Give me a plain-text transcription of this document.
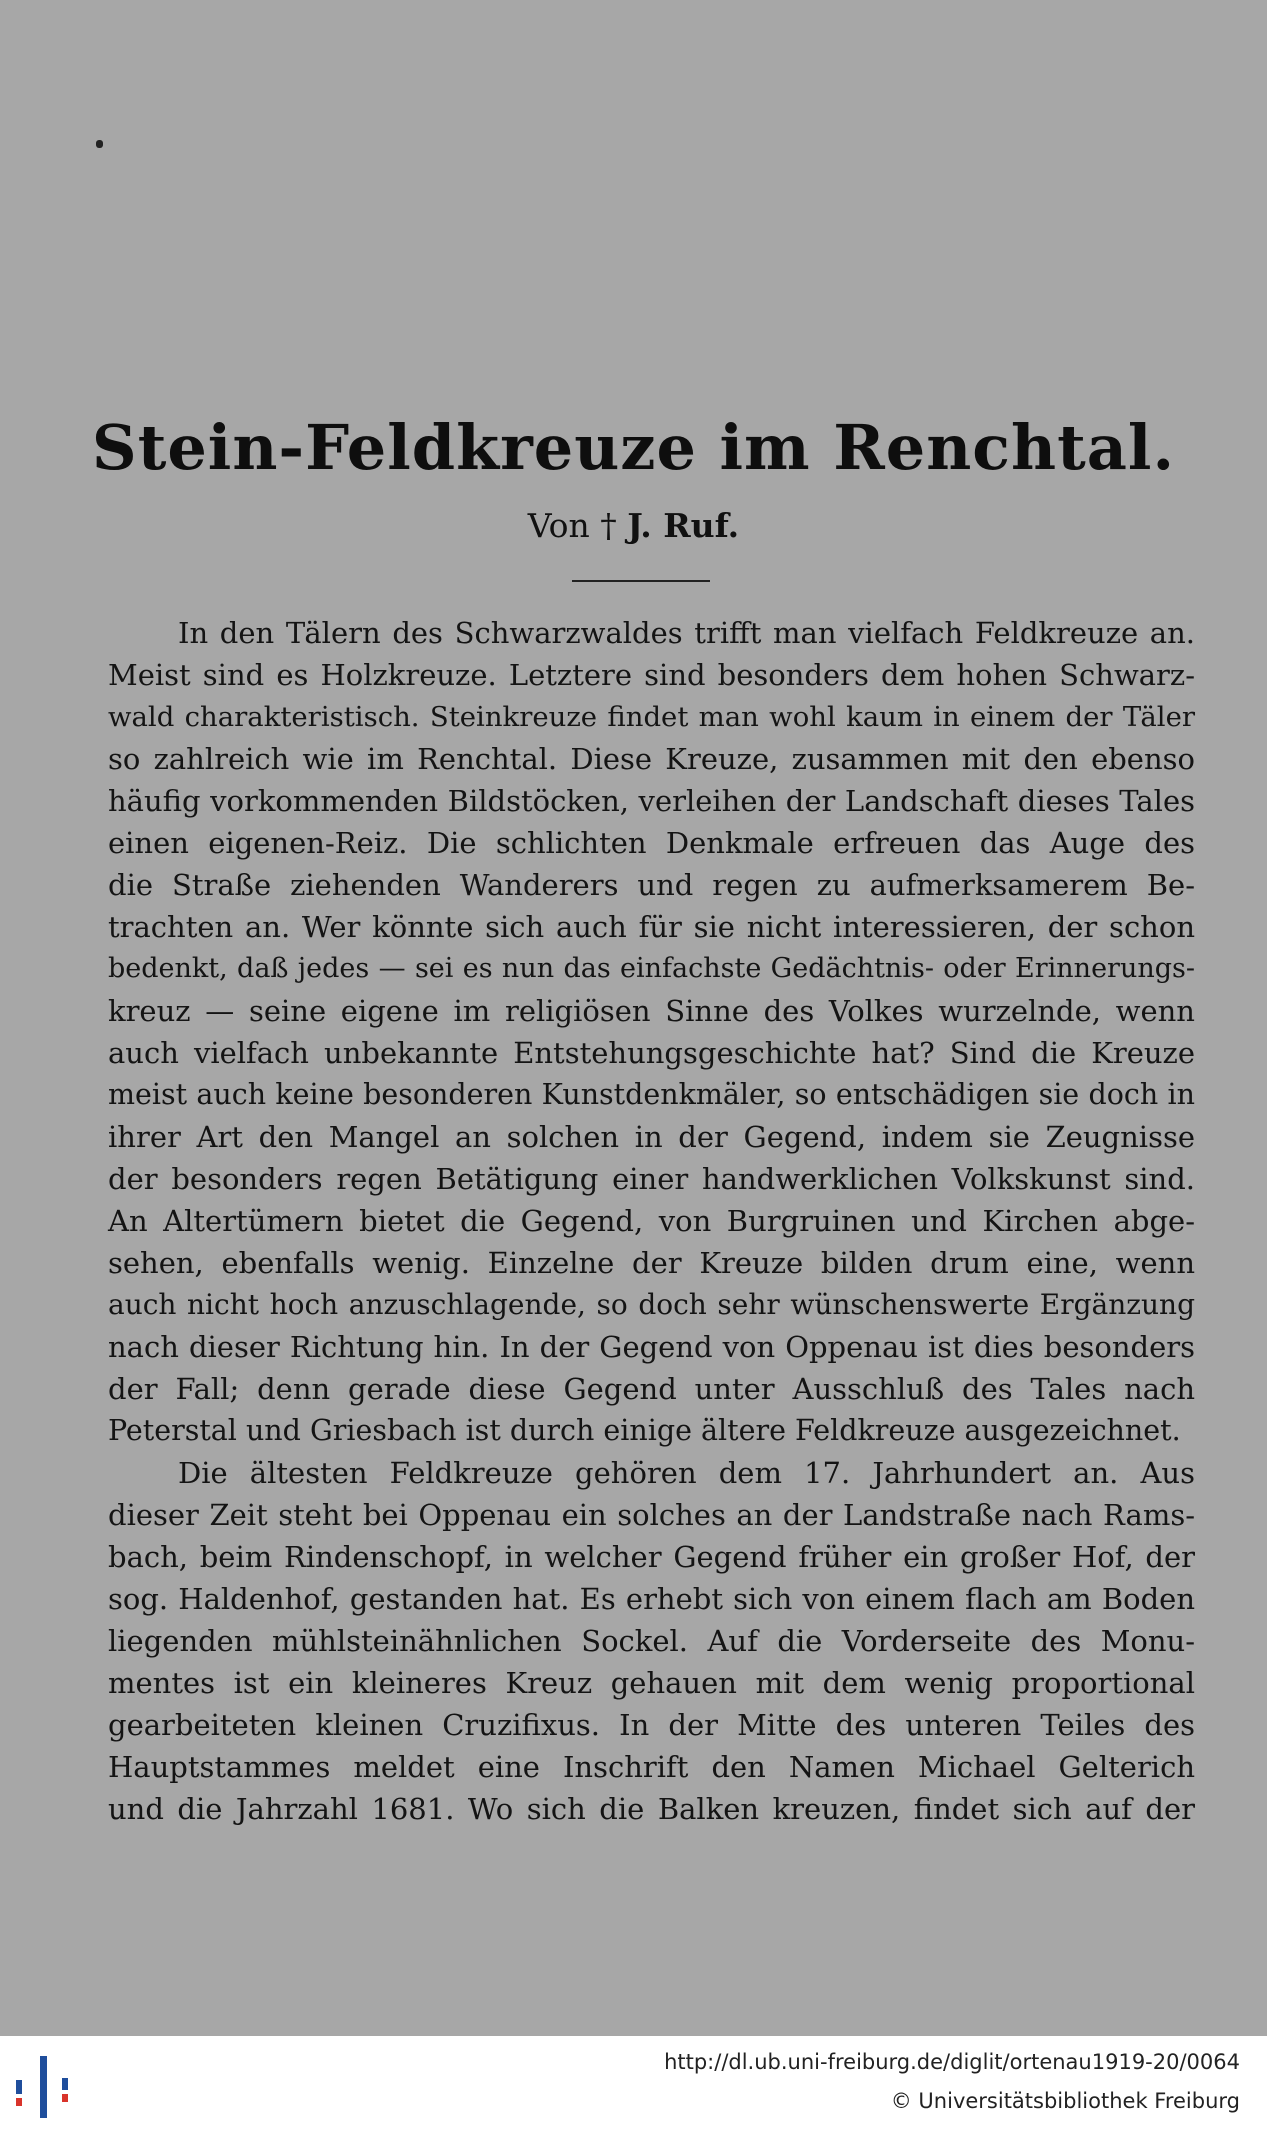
Stein-Feldkreuze im Renchtal.
Von † J. Ruf.
In den Tälern des Schwarzwaldes trifft man vielfach Feldkreuze an.
Meist sind es Holzkreuze. Letztere sind besonders dem hohen Schwarz-
wald charakteristisch. Steinkreuze findet man wohl kaum in einem der Täler
so zahlreich wie im Renchtal. Diese Kreuze, zusammen mit den ebenso
häufig vorkommenden Bildstöcken, verleihen der Landschaft dieses Tales
einen eigenen-Reiz. Die schlichten Denkmale erfreuen das Auge des
die Straße ziehenden Wanderers und regen zu aufmerksamerem Be-
trachten an. Wer könnte sich auch für sie nicht interessieren, der schon
bedenkt, daß jedes — sei es nun das einfachste Gedächtnis- oder Erinnerungs-
kreuz — seine eigene im religiösen Sinne des Volkes wurzelnde, wenn
auch vielfach unbekannte Entstehungsgeschichte hat? Sind die Kreuze
meist auch keine besonderen Kunstdenkmäler, so entschädigen sie doch in
ihrer Art den Mangel an solchen in der Gegend, indem sie Zeugnisse
der besonders regen Betätigung einer handwerklichen Volkskunst sind.
An Altertümern bietet die Gegend, von Burgruinen und Kirchen abge-
sehen, ebenfalls wenig. Einzelne der Kreuze bilden drum eine, wenn
auch nicht hoch anzuschlagende, so doch sehr wünschenswerte Ergänzung
nach dieser Richtung hin. In der Gegend von Oppenau ist dies besonders
der Fall; denn gerade diese Gegend unter Ausschluß des Tales nach
Peterstal und Griesbach ist durch einige ältere Feldkreuze ausgezeichnet.
Die ältesten Feldkreuze gehören dem 17. Jahrhundert an. Aus
dieser Zeit steht bei Oppenau ein solches an der Landstraße nach Rams-
bach, beim Rindenschopf, in welcher Gegend früher ein großer Hof, der
sog. Haldenhof, gestanden hat. Es erhebt sich von einem flach am Boden
liegenden mühlsteinähnlichen Sockel. Auf die Vorderseite des Monu-
mentes ist ein kleineres Kreuz gehauen mit dem wenig proportional
gearbeiteten kleinen Cruzifixus. In der Mitte des unteren Teiles des
Hauptstammes meldet eine Inschrift den Namen Michael Gelterich
und die Jahrzahl 1681. Wo sich die Balken kreuzen, findet sich auf der
http://dl.ub.uni-freiburg.de/diglit/ortenau1919-20/0064
© Universitätsbibliothek Freiburg
